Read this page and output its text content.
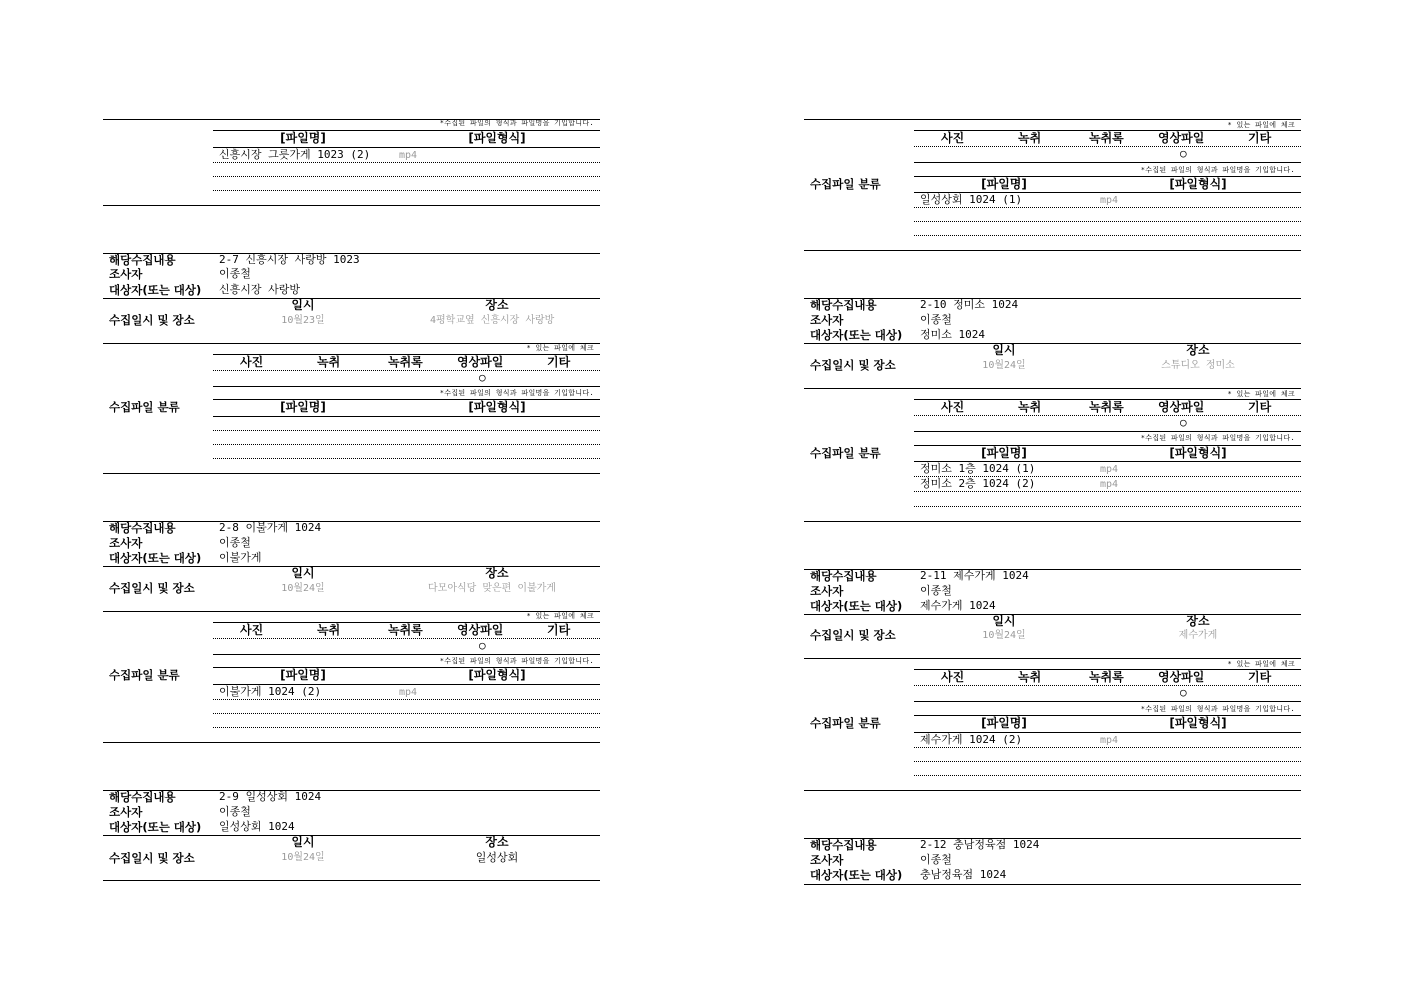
*수집된 파일의 형식과 파일명을 기입합니다.
[파일명]	[파일형식]
신흥시장 그릇가게 1023 (2)	mp4
해당수집내용	2-7 신흥시장 사랑방 1023
조사자	이종철
대상자(또는 대상) 신흥시장 사랑방
일시	장소
수집일시 및 장소	10월23일	4평학교옆 신흥시장 사랑방
* 있는 파일에 체크
사진	녹취	녹취록	영상파일	기타
○
*수집된 파일의 형식과 파일명을 기입합니다.
수집파일 분류	[파일명]	[파일형식]
해당수집내용	2-8 이불가게 1024
조사자	이종철
대상자(또는 대상) 이불가게
일시	장소
수집일시 및 장소	10월24일	다모아식당 맞은편 이불가게
* 있는 파일에 체크
사진	녹취	녹취록	영상파일	기타
○
*수집된 파일의 형식과 파일명을 기입합니다.
수집파일 분류	[파일명]	[파일형식]
이불가게 1024 (2)	mp4
해당수집내용	2-9 일성상회 1024
조사자	이종철
대상자(또는 대상) 일성상회 1024
일시	장소
수집일시 및 장소	10월24일	일성상회
* 있는 파일에 체크
사진	녹취	녹취록	영상파일	기타
○
*수집된 파일의 형식과 파일명을 기입합니다.
수집파일 분류	[파일명]	[파일형식]
일성상회 1024 (1)	mp4
해당수집내용	2-10 정미소 1024
조사자	이종철
대상자(또는 대상) 정미소 1024
일시	장소
수집일시 및 장소	10월24일	스튜디오 정미소
* 있는 파일에 체크
사진	녹취	녹취록	영상파일	기타
○
*수집된 파일의 형식과 파일명을 기입합니다.
수집파일 분류	[파일명]	[파일형식]
정미소 1층 1024 (1)	mp4
정미소 2층 1024 (2)	mp4
해당수집내용	2-11 제수가게 1024
조사자	이종철
대상자(또는 대상) 제수가게 1024
일시	장소
수집일시 및 장소	10월24일	제수가게
* 있는 파일에 체크
사진	녹취	녹취록	영상파일	기타
○
*수집된 파일의 형식과 파일명을 기입합니다.
수집파일 분류	[파일명]	[파일형식]
제수가게 1024 (2)	mp4
해당수집내용	2-12 충남정육점 1024
조사자	이종철
대상자(또는 대상) 충남정육점 1024
